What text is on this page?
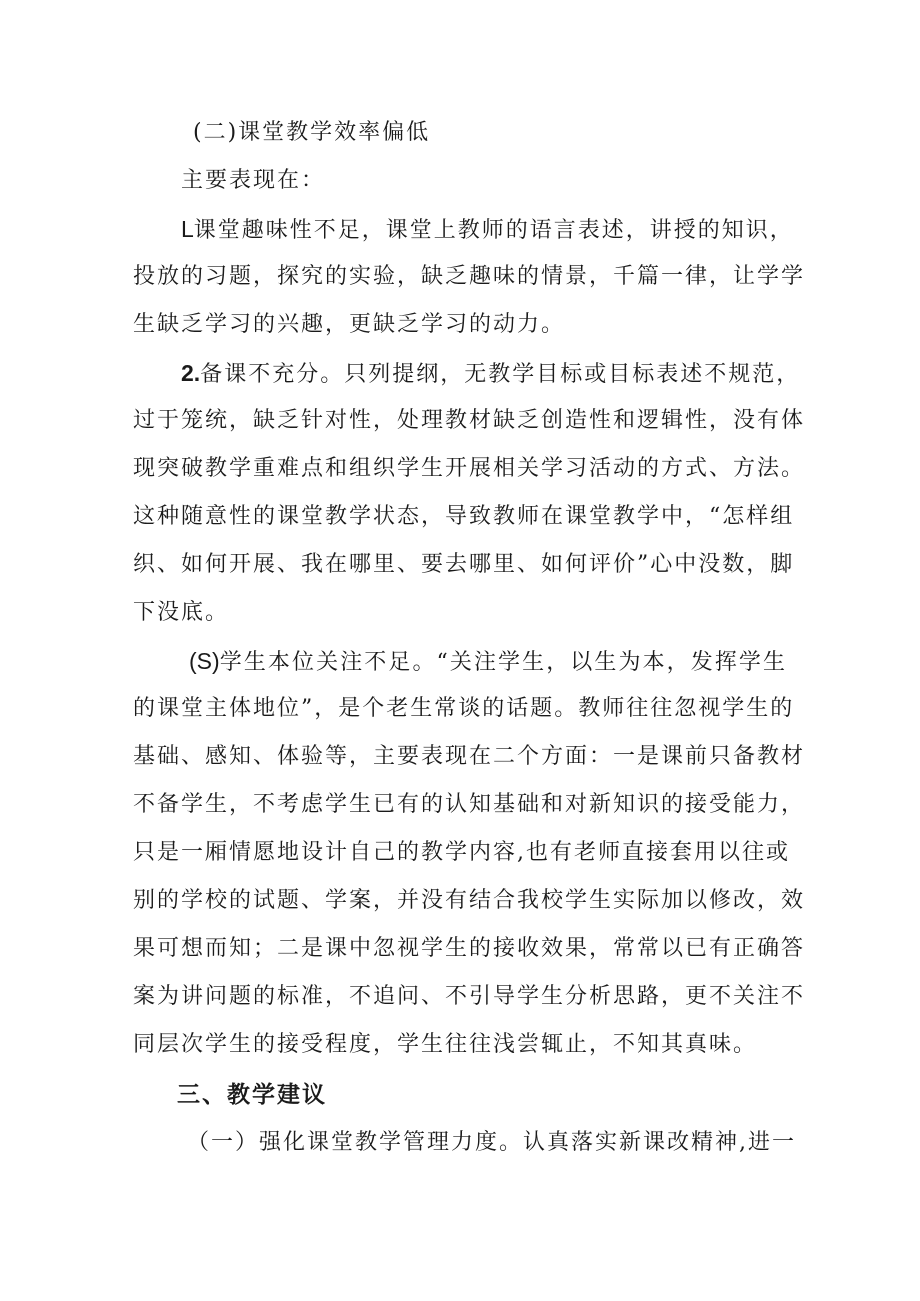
(二)课堂教学效率偏低
主要表现在：
L课堂趣味性不足，课堂上教师的语言表述，讲授的知识，
投放的习题，探究的实验，缺乏趣味的情景，千篇一律，让学学
生缺乏学习的兴趣，更缺乏学习的动力。
2.备课不充分。只列提纲，无教学目标或目标表述不规范，
过于笼统，缺乏针对性，处理教材缺乏创造性和逻辑性，没有体
现突破教学重难点和组织学生开展相关学习活动的方式、方法。
这种随意性的课堂教学状态，导致教师在课堂教学中，“怎样组
织、如何开展、我在哪里、要去哪里、如何评价”心中没数，脚
下没底。
(S)学生本位关注不足。“关注学生，以生为本，发挥学生
的课堂主体地位”，是个老生常谈的话题。教师往往忽视学生的
基础、感知、体验等，主要表现在二个方面：一是课前只备教材
不备学生，不考虑学生已有的认知基础和对新知识的接受能力，
只是一厢情愿地设计自己的教学内容,也有老师直接套用以往或
别的学校的试题、学案，并没有结合我校学生实际加以修改，效
果可想而知；二是课中忽视学生的接收效果，常常以已有正确答
案为讲问题的标准，不追问、不引导学生分析思路，更不关注不
同层次学生的接受程度，学生往往浅尝辄止，不知其真味。
三、教学建议
（一）强化课堂教学管理力度。认真落实新课改精神,进一
